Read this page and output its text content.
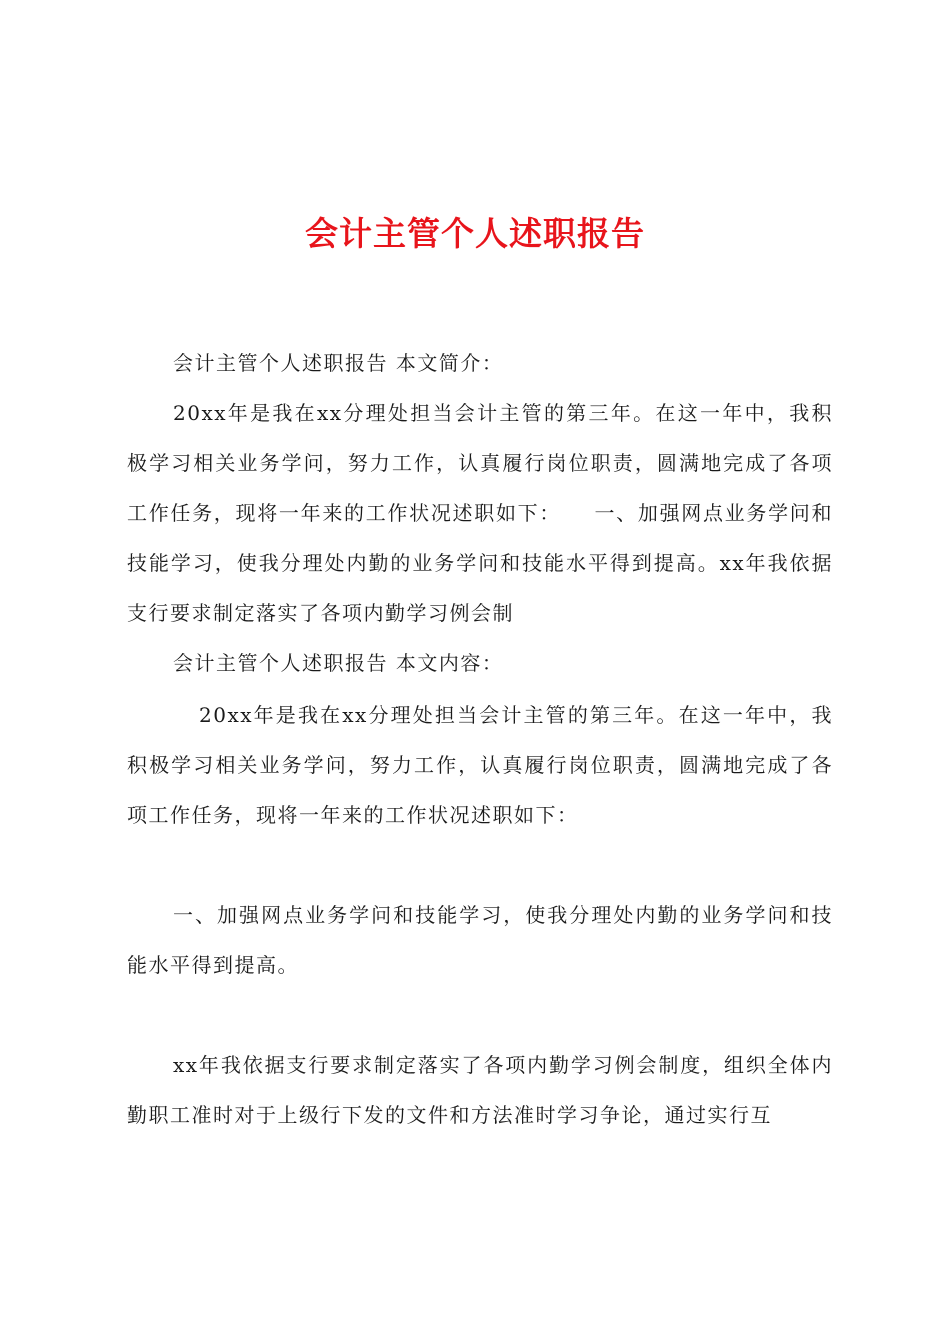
会计主管个人述职报告
会计主管个人述职报告 本文简介：
20xx年是我在xx分理处担当会计主管的第三年。在这一年中，我积极学习相关业务学问，努力工作，认真履行岗位职责，圆满地完成了各项工作任务，现将一年来的工作状况述职如下：　　一、加强网点业务学问和技能学习，使我分理处内勤的业务学问和技能水平得到提高。xx年我依据支行要求制定落实了各项内勤学习例会制
会计主管个人述职报告 本文内容：
20xx年是我在xx分理处担当会计主管的第三年。在这一年中，我积极学习相关业务学问，努力工作，认真履行岗位职责，圆满地完成了各项工作任务，现将一年来的工作状况述职如下：
一、加强网点业务学问和技能学习，使我分理处内勤的业务学问和技能水平得到提高。
xx年我依据支行要求制定落实了各项内勤学习例会制度，组织全体内勤职工准时对于上级行下发的文件和方法准时学习争论，通过实行互
